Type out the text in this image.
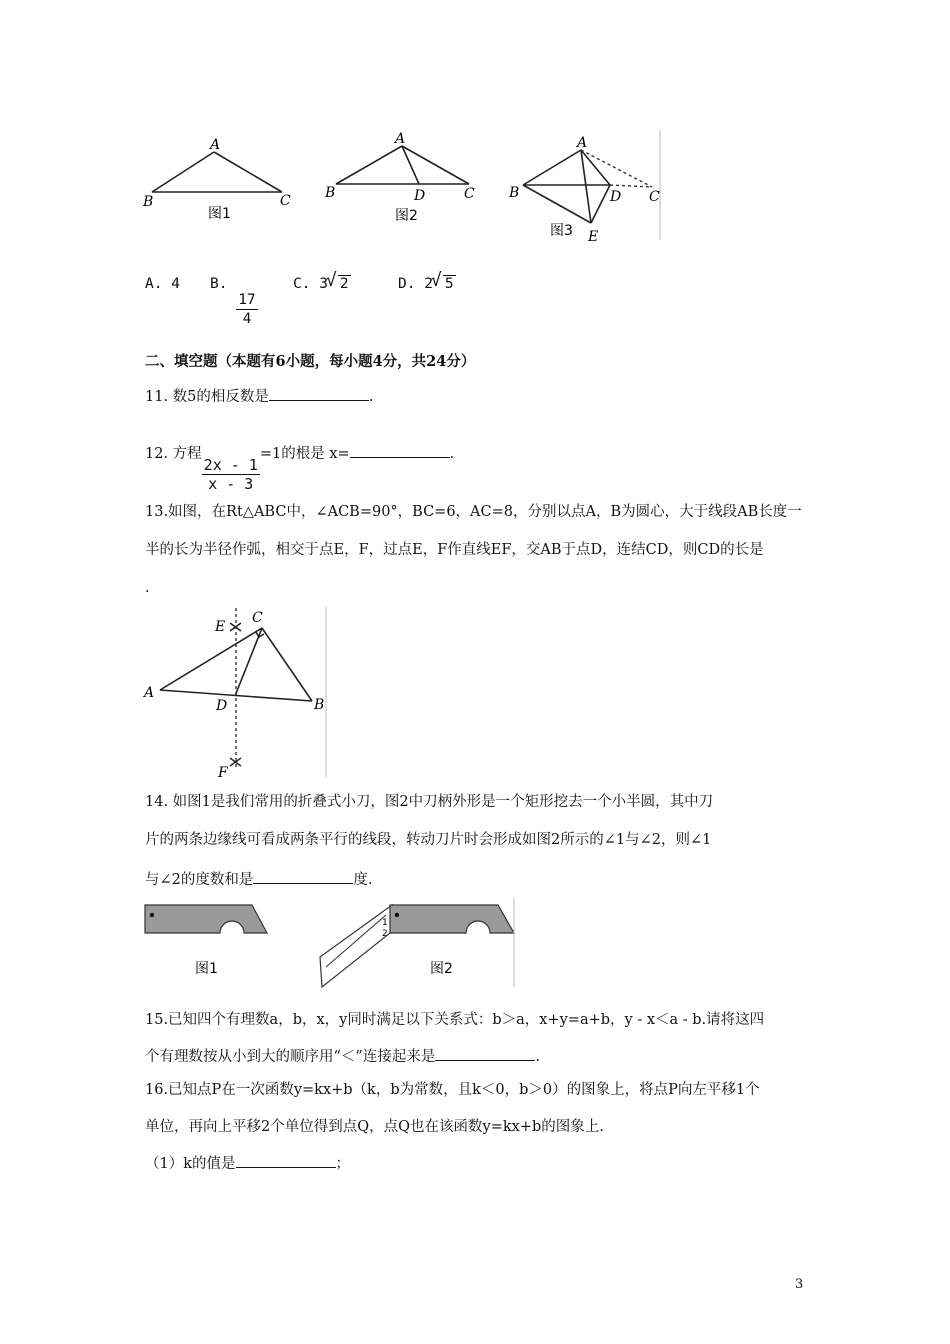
A
B	C
图1
A
B	C
D
图2
A
B	C
D
E
图3
A. 4 B.
$\frac{17}{4}$
C. 3 √ 2	D. 2 √ 5
二、填空题（本题有6小题，每小题4分，共24分）
11. 数5的相反数是	.
12. 方程
$\frac{2x - 1}{x - 3}$
=1的根是 x=	.
13.如图，在Rt△ABC中，∠ACB=90°，BC=6，AC=8，分别以点A，B为圆心，大于线段AB长度一
半的长为半径作弧，相交于点E，F，过点E，F作直线EF，交AB于点D，连结CD，则CD的长是
.
C
E
A
D	B
F
14. 如图1是我们常用的折叠式小刀，图2中刀柄外形是一个矩形挖去一个小半圆，其中刀
片的两条边缘线可看成两条平行的线段，转动刀片时会形成如图2所示的∠1与∠2，则∠1
与∠2的度数和是	度.
图1
1
2
图2
15.已知四个有理数a，b，x，y同时满足以下关系式：b＞a，x+y=a+b，y - x＜a - b.请将这四
个有理数按从小到大的顺序用“＜”连接起来是	.
16.已知点P在一次函数y=kx+b（k，b为常数，且k＜0，b＞0）的图象上，将点P向左平移1个
单位，再向上平移2个单位得到点Q，点Q也在该函数y=kx+b的图象上.
（1）k的值是	；
3
